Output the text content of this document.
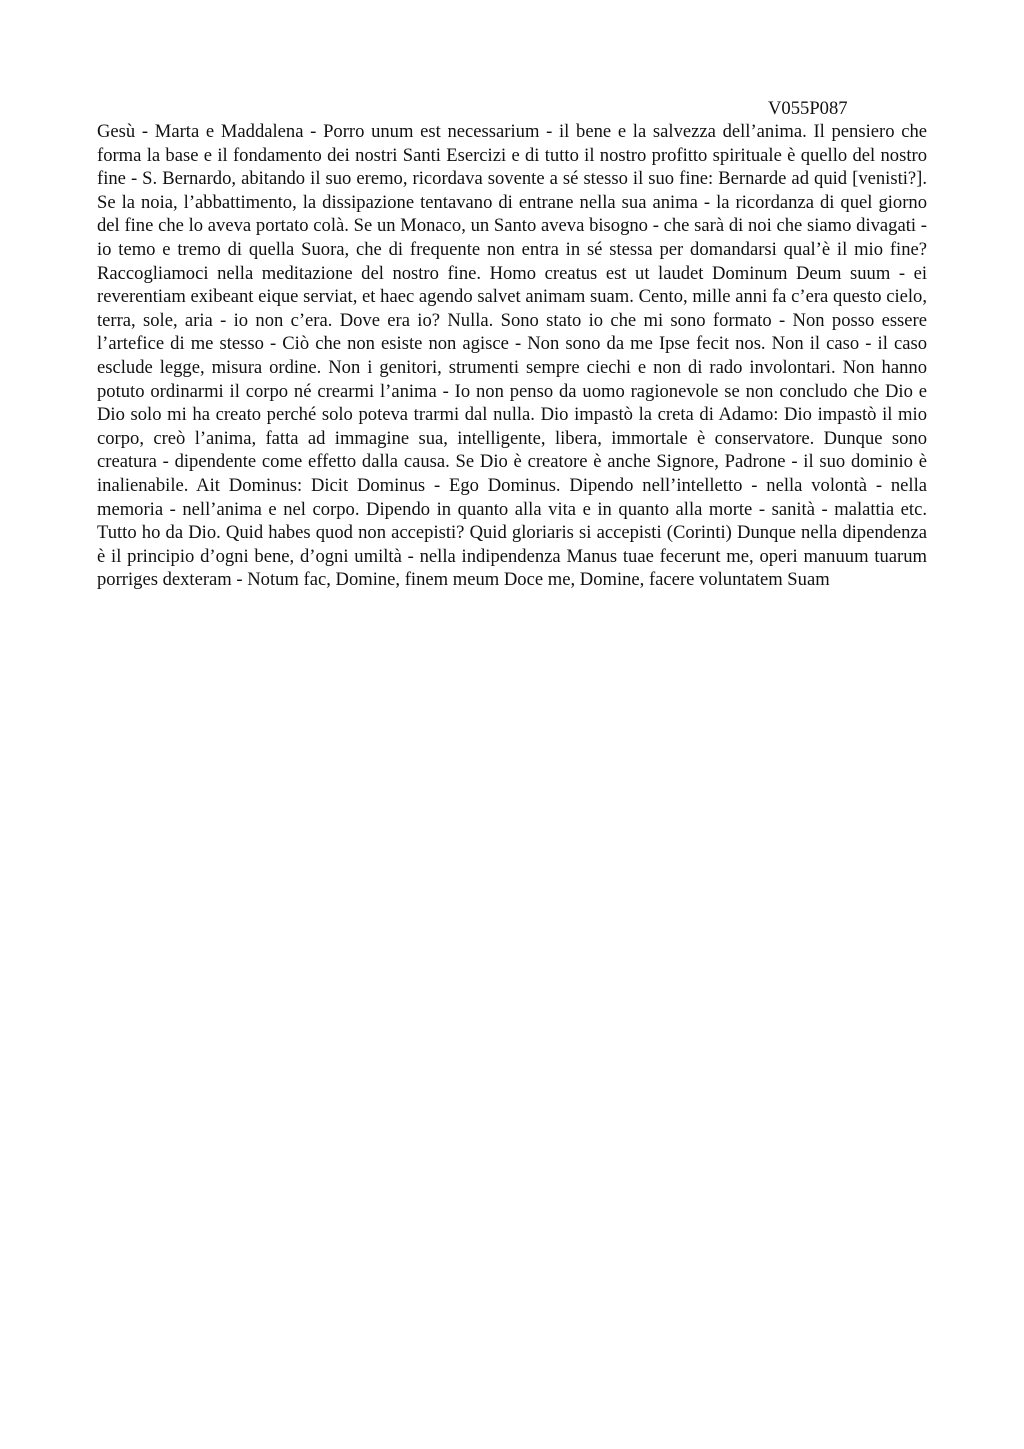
V055P087

Gesù - Marta e Maddalena - Porro unum est necessarium - il bene e la salvezza dell’anima. Il pensiero che forma la base e il fondamento dei nostri Santi Esercizi e di tutto il nostro profitto spirituale è quello del nostro fine - S. Bernardo, abitando il suo eremo, ricordava sovente a sé stesso il suo fine: Bernarde ad quid [venisti?]. Se la noia, l’abbattimento, la dissipazione tentavano di entrane nella sua anima - la ricordanza di quel giorno del fine che lo aveva portato colà. Se un Monaco, un Santo aveva bisogno - che sarà di noi che siamo divagati - io temo e tremo di quella Suora, che di frequente non entra in sé stessa per domandarsi qual’è il mio fine? Raccogliamoci nella meditazione del nostro fine. Homo creatus est ut laudet Dominum Deum suum - ei reverentiam exibeant eique serviat, et haec agendo salvet animam suam. Cento, mille anni fa c’era questo cielo, terra, sole, aria - io non c’era. Dove era io? Nulla. Sono stato io che mi sono formato - Non posso essere l’artefice di me stesso - Ciò che non esiste non agisce - Non sono da me Ipse fecit nos. Non il caso - il caso esclude legge, misura ordine. Non i genitori, strumenti sempre ciechi e non di rado involontari. Non hanno potuto ordinarmi il corpo né crearmi l’anima - Io non penso da uomo ragionevole se non concludo che Dio e Dio solo mi ha creato perché solo poteva trarmi dal nulla. Dio impastò la creta di Adamo: Dio impastò il mio corpo, creò l’anima, fatta ad immagine sua, intelligente, libera, immortale è conservatore. Dunque sono creatura - dipendente come effetto dalla causa. Se Dio è creatore è anche Signore, Padrone - il suo dominio è inalienabile. Ait Dominus: Dicit Dominus - Ego Dominus. Dipendo nell’intelletto - nella volontà - nella memoria - nell’anima e nel corpo. Dipendo in quanto alla vita e in quanto alla morte - sanità - malattia etc. Tutto ho da Dio. Quid habes quod non accepisti? Quid gloriaris si accepisti (Corinti) Dunque nella dipendenza è il principio d’ogni bene, d’ogni umiltà - nella indipendenza Manus tuae fecerunt me, operi manuum tuarum porriges dexteram - Notum fac, Domine, finem meum Doce me, Domine, facere voluntatem Suam
